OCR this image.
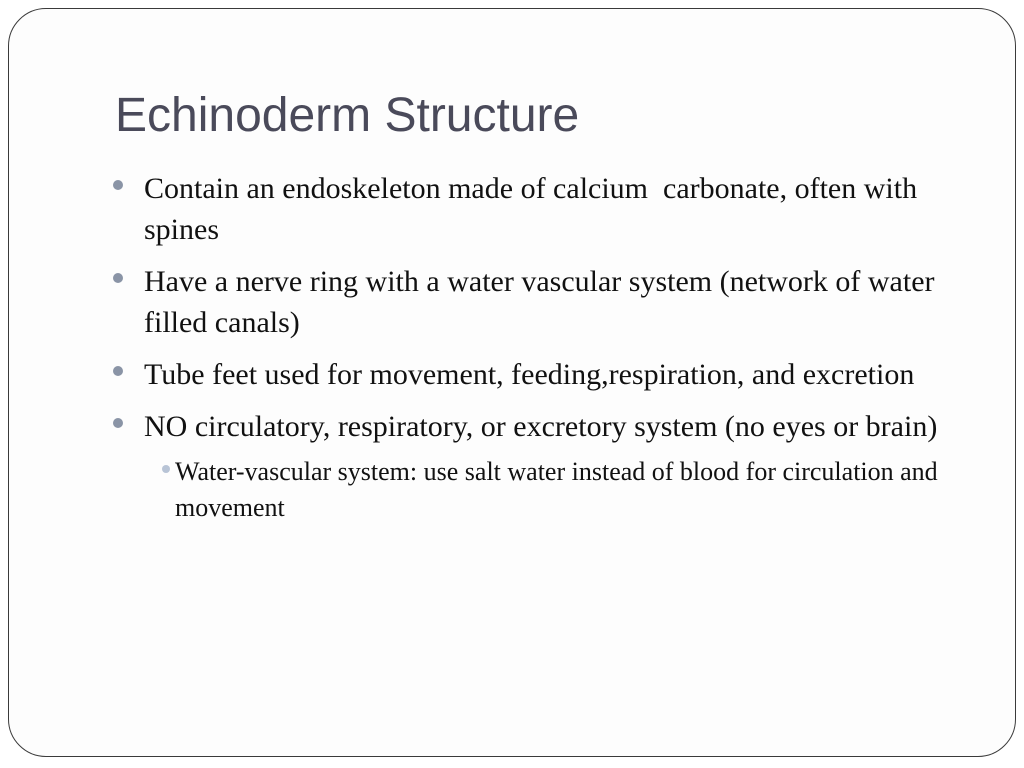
Echinoderm Structure
Contain an endoskeleton made of calcium  carbonate, often with spines
Have a nerve ring with a water vascular system (network of water filled canals)
Tube feet used for movement, feeding,respiration, and excretion
NO circulatory, respiratory, or excretory system (no eyes or brain)
Water-vascular system: use salt water instead of blood for circulation and movement
